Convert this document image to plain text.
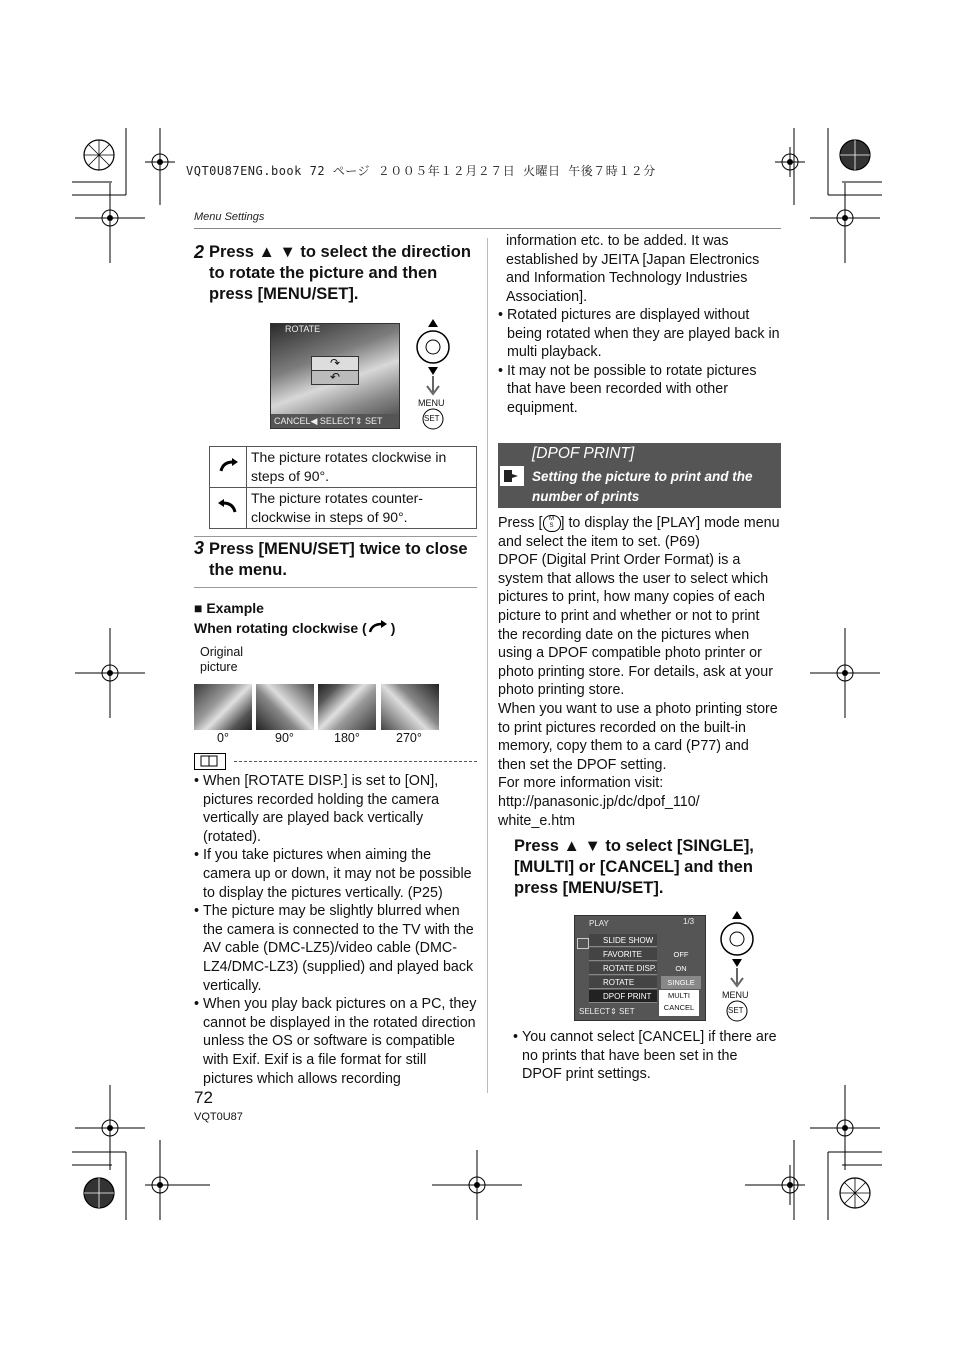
VQT0U87ENG.book 72 ページ ２００５年１２月２７日 火曜日 午後７時１２分
Menu Settings
2 Press ▲ ▼ to select the direction to rotate the picture and then press [MENU/SET].
ROTATE
↷
↶
CANCEL◀ SELECT⇕ SET
MENU
SET
	The picture rotates clockwise in steps of 90°.
	The picture rotates counter-clockwise in steps of 90°.
3 Press [MENU/SET] twice to close the menu.
■ Example
When rotating clockwise ( )
Original picture
0°	90°	180°	270°
• When [ROTATE DISP.] is set to [ON], pictures recorded holding the camera vertically are played back vertically (rotated).
• If you take pictures when aiming the camera up or down, it may not be possible to display the pictures vertically. (P25)
• The picture may be slightly blurred when the camera is connected to the TV with the AV cable (DMC-LZ5)/video cable (DMC-LZ4/DMC-LZ3) (supplied) and played back vertically.
• When you play back pictures on a PC, they cannot be displayed in the rotated direction unless the OS or software is compatible with Exif. Exif is a file format for still pictures which allows recording
information etc. to be added. It was established by JEITA [Japan Electronics and Information Technology Industries Association].
• Rotated pictures are displayed without being rotated when they are played back in multi playback.
• It may not be possible to rotate pictures that have been recorded with other equipment.
[DPOF PRINT]
Setting the picture to print and the number of prints
Press [ M
S ] to display the [PLAY] mode menu and select the item to set. (P69)
DPOF (Digital Print Order Format) is a system that allows the user to select which pictures to print, how many copies of each picture to print and whether or not to print the recording date on the pictures when using a DPOF compatible photo printer or photo printing store. For details, ask at your photo printing store.
When you want to use a photo printing store to print pictures recorded on the built-in memory, copy them to a card (P77) and then set the DPOF setting.
For more information visit:
http://panasonic.jp/dc/dpof_110/
white_e.htm
Press ▲ ▼ to select [SINGLE], [MULTI] or [CANCEL] and then press [MENU/SET].
PLAY	1/3
SLIDE SHOW
FAVORITE
ROTATE DISP.
ROTATE
DPOF PRINT
OFF
ON
SINGLE
MULTI
CANCEL
SELECT⇕ SET
MENU
SET
• You cannot select [CANCEL] if there are no prints that have been set in the DPOF print settings.
72
VQT0U87
